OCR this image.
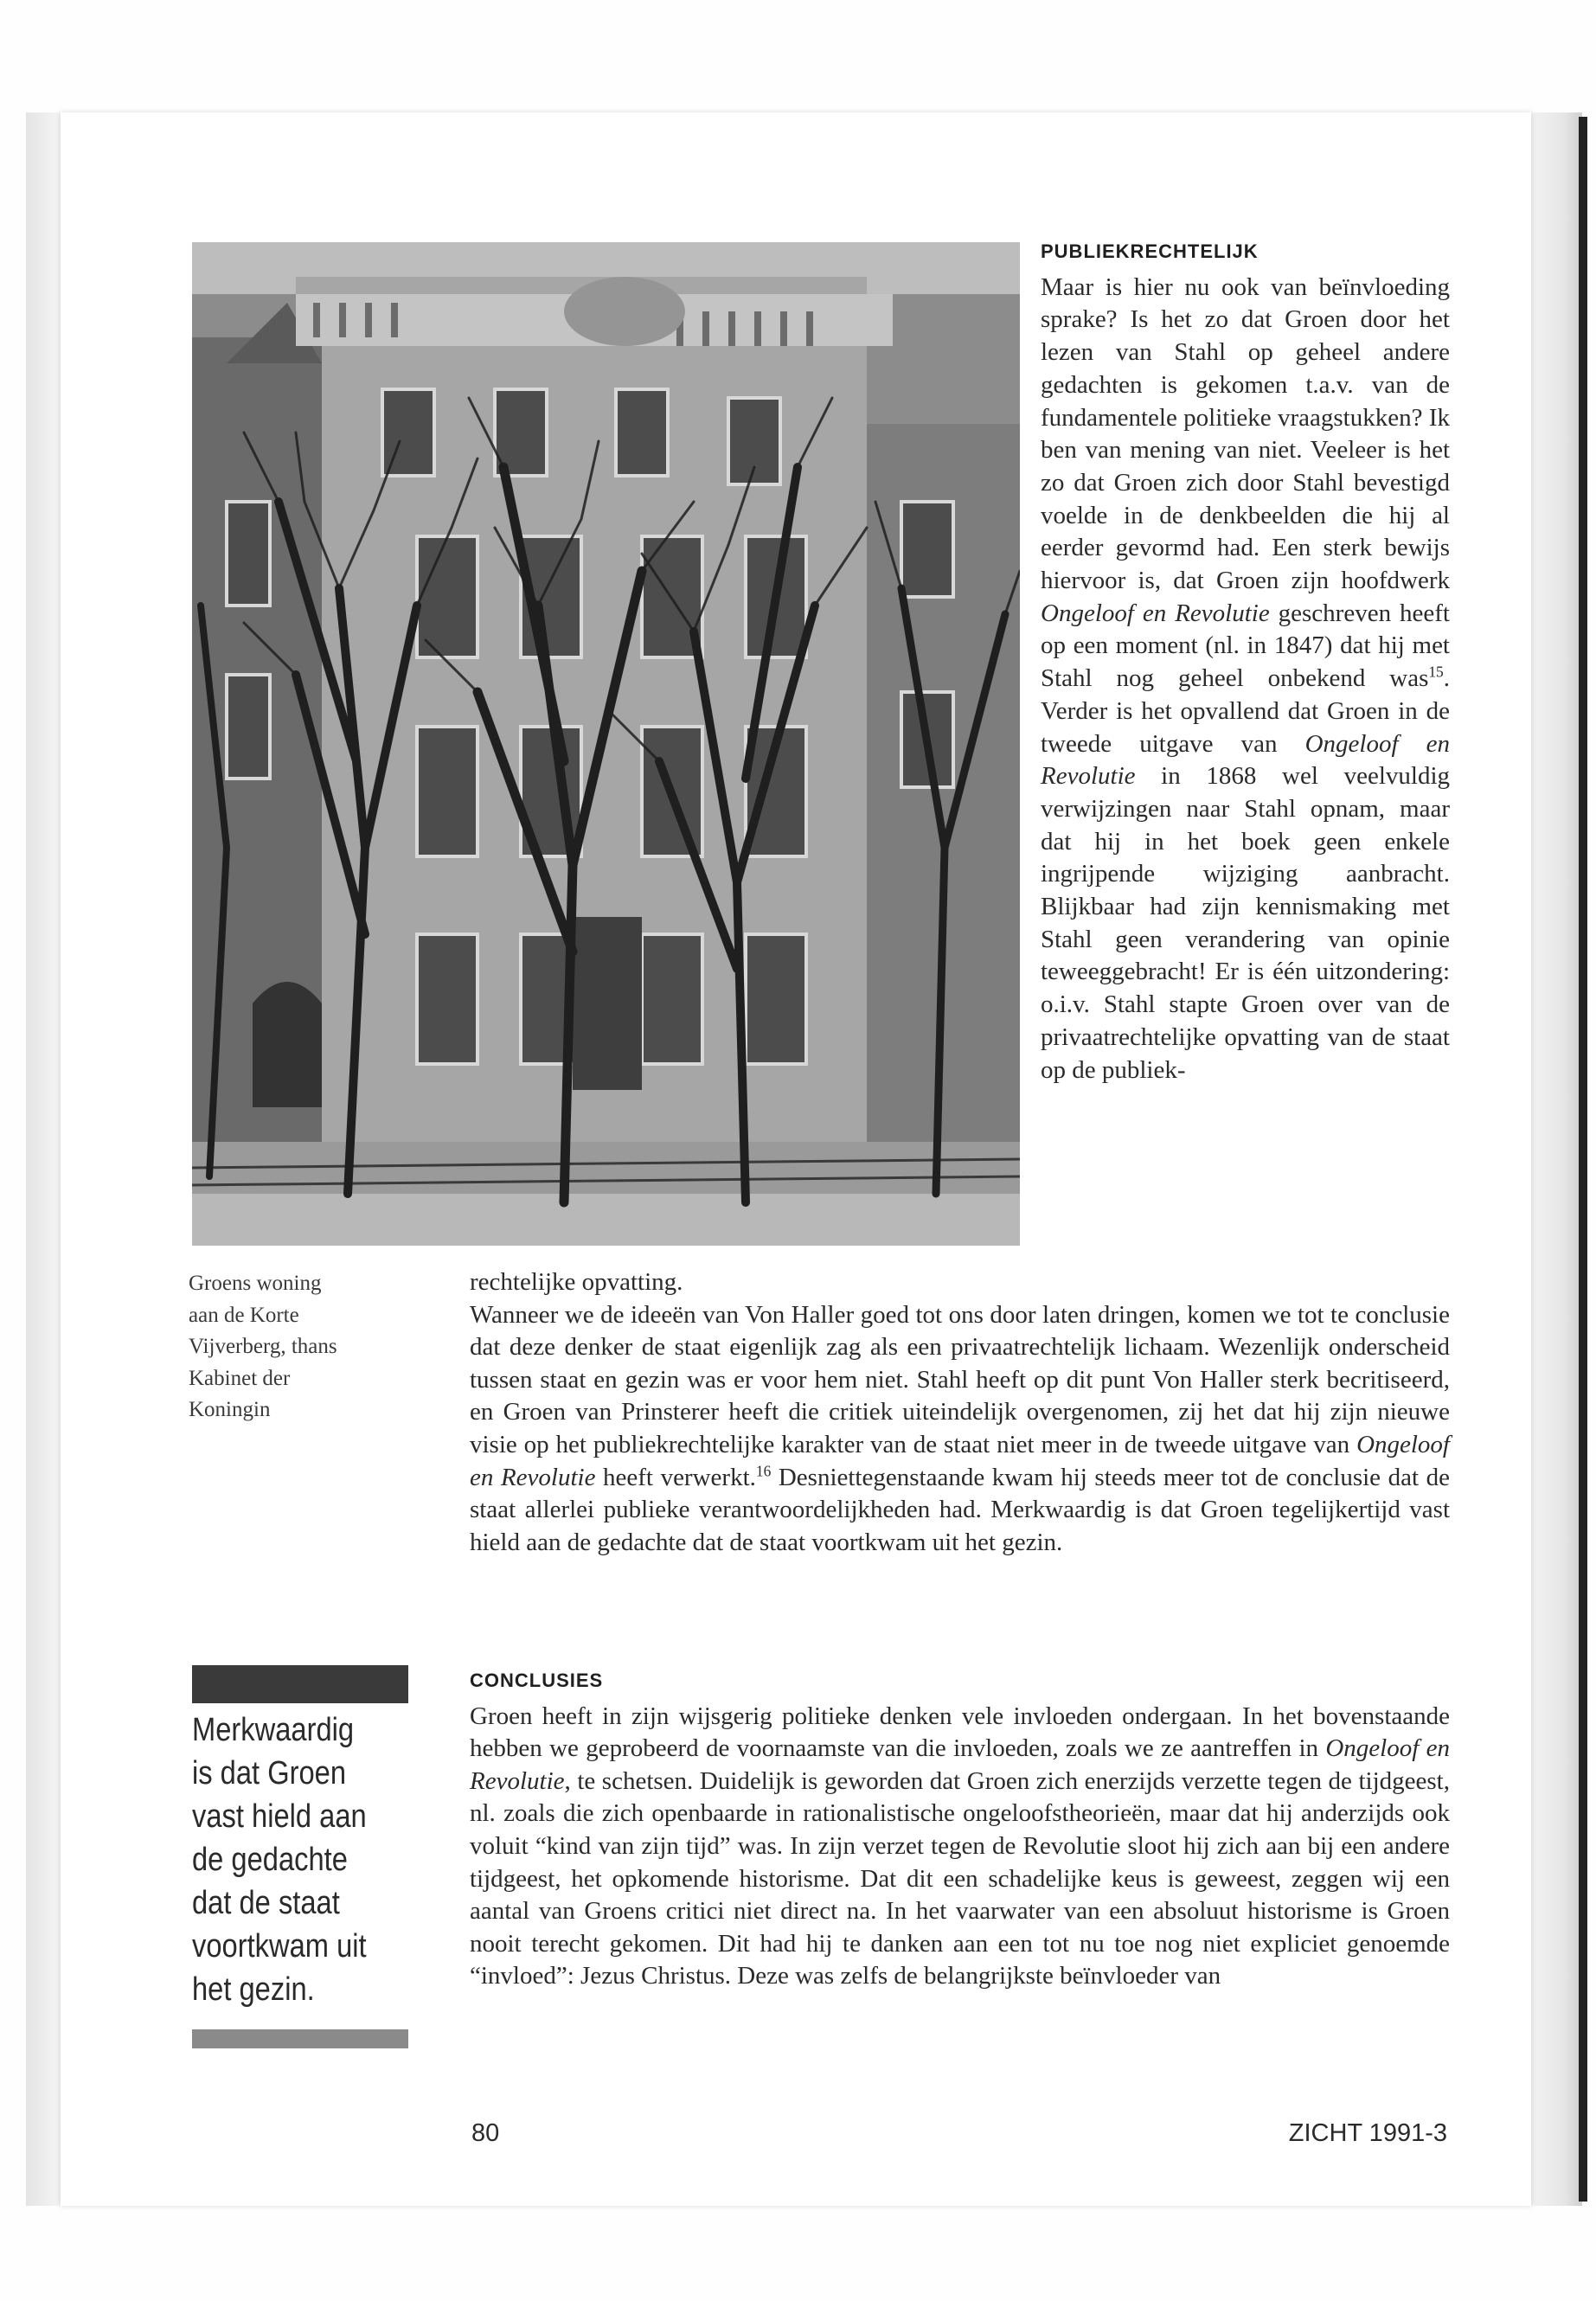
PUBLIEKRECHTELIJK

Maar is hier nu ook van beïnvloeding sprake? Is het zo dat Groen door het lezen van Stahl op geheel andere gedachten is gekomen t.a.v. van de fundamentele politieke vraagstukken? Ik ben van mening van niet. Veeleer is het zo dat Groen zich door Stahl bevestigd voelde in de denkbeelden die hij al eerder gevormd had. Een sterk bewijs hiervoor is, dat Groen zijn hoofdwerk Ongeloof en Revolutie geschreven heeft op een moment (nl. in 1847) dat hij met Stahl nog geheel onbekend was$^{15}$. Verder is het opvallend dat Groen in de tweede uitgave van Ongeloof en Revolutie in 1868 wel veelvuldig verwijzingen naar Stahl opnam, maar dat hij in het boek geen enkele ingrijpende wijziging aanbracht. Blijkbaar had zijn kennismaking met Stahl geen verandering van opinie teweeggebracht! Er is één uitzondering: o.i.v. Stahl stapte Groen over van de privaatrechtelijke opvatting van de staat op de publiek-

Groens woning
aan de Korte
Vijverberg, thans
Kabinet der
Koningin

rechtelijke opvatting.

Wanneer we de ideeën van Von Haller goed tot ons door laten dringen, komen we tot te conclusie dat deze denker de staat eigenlijk zag als een privaatrechtelijk lichaam. Wezenlijk onderscheid tussen staat en gezin was er voor hem niet. Stahl heeft op dit punt Von Haller sterk becritiseerd, en Groen van Prinsterer heeft die critiek uiteindelijk overgenomen, zij het dat hij zijn nieuwe visie op het publiekrechtelijke karakter van de staat niet meer in de tweede uitgave van Ongeloof en Revolutie heeft verwerkt.$^{16}$ Desniettegenstaande kwam hij steeds meer tot de conclusie dat de staat allerlei publieke verantwoordelijkheden had. Merkwaardig is dat Groen tegelijkertijd vast hield aan de gedachte dat de staat voortkwam uit het gezin.

CONCLUSIES

Groen heeft in zijn wijsgerig politieke denken vele invloeden ondergaan. In het bovenstaande hebben we geprobeerd de voornaamste van die invloeden, zoals we ze aantreffen in Ongeloof en Revolutie, te schetsen. Duidelijk is geworden dat Groen zich enerzijds verzette tegen de tijdgeest, nl. zoals die zich openbaarde in rationalistische ongeloofstheorieën, maar dat hij anderzijds ook voluit “kind van zijn tijd” was. In zijn verzet tegen de Revolutie sloot hij zich aan bij een andere tijdgeest, het opkomende historisme. Dat dit een schadelijke keus is geweest, zeggen wij een aantal van Groens critici niet direct na. In het vaarwater van een absoluut historisme is Groen nooit terecht gekomen. Dit had hij te danken aan een tot nu toe nog niet expliciet genoemde “invloed”: Jezus Christus. Deze was zelfs de belangrijkste beïnvloeder van

Merkwaardig
is dat Groen
vast hield aan
de gedachte
dat de staat
voortkwam uit
het gezin.
80	ZICHT 1991-3
